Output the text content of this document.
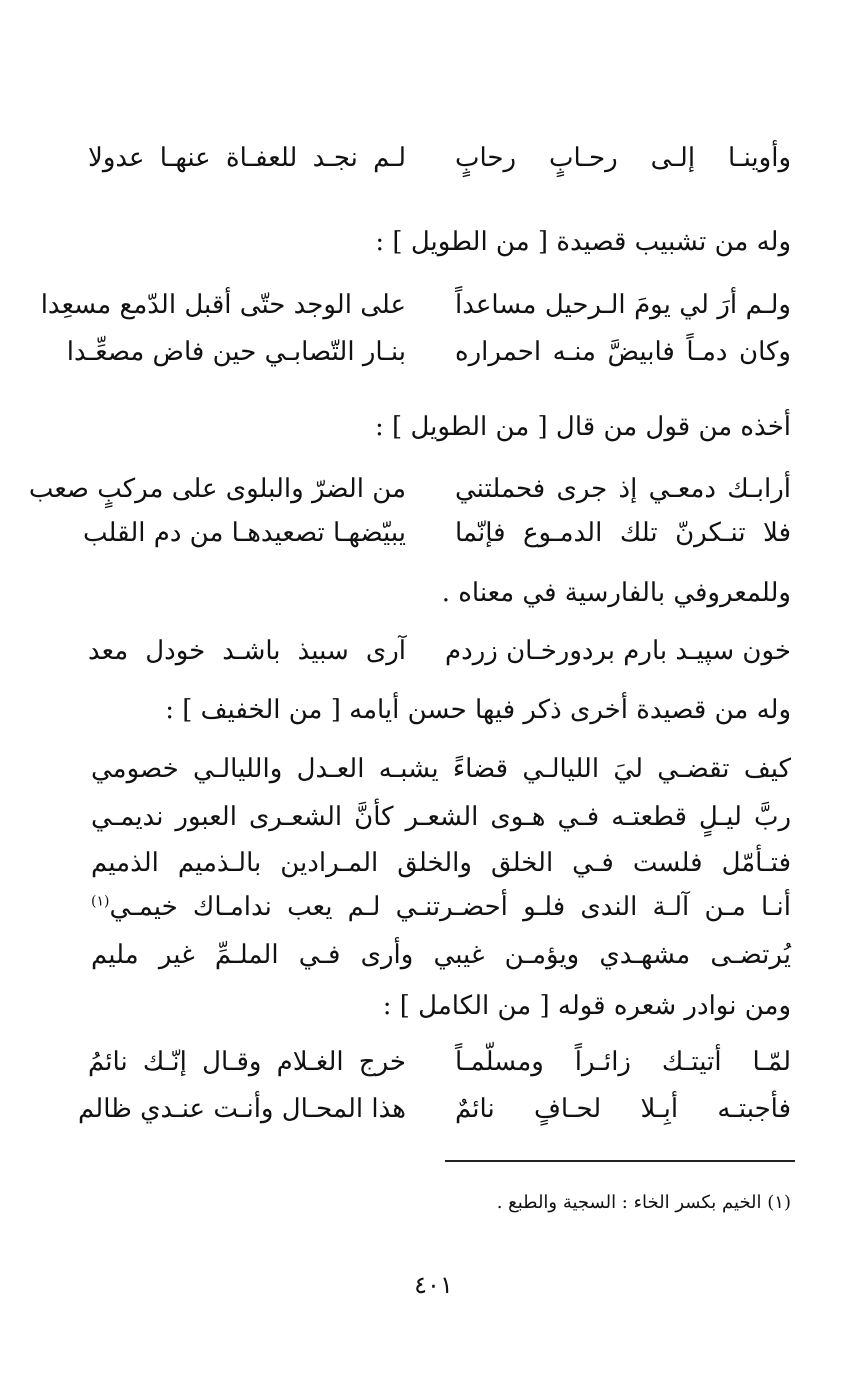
وأوينـا إلـى رحـابٍ رحابٍ
لـم نجـد للعفـاة عنهـا عدولا
وله من تشبيب قصيدة [ من الطويل ] :
ولـم أرَ لي يومَ الـرحيل مساعداً
على الوجد حتّى أقبل الدّمع مسعِدا
وكان دمـاً فابيضَّ منـه احمراره
بنـار التّصابـي حين فاض مصعِّـدا
أخذه من قول من قال [ من الطويل ] :
أرابـك دمعـي إذ جرى فحملتني
من الضرّ والبلوى على مركبٍ صعب
فلا تنـكرنّ تلك الدمـوع فإنّما
يبيّضهـا تصعيدهـا من دم القلب
وللمعروفي بالفارسية في معناه .
خون سپيـد بارم بردورخـان زردم
آرى سبيذ باشـد خودل معد
وله من قصيدة أخرى ذكر فيها حسن أيامه [ من الخفيف ] :
كيف تقضـي ليَ الليالـي قضاءً يشبـه العـدل والليالـي خصومي
ربَّ ليـلٍ قطعتـه فـي هـوى الشعـر كأنَّ الشعـرى العبور نديمـي
فتـأمّل فلست فـي الخلق والخلق المـرادين بالـذميم الذميم
أنـا مـن آلـة الندى فلـو أحضـرتنـي لـم يعب ندامـاك خيمـي$^{(١)}$
يُرتضـى مشهـدي ويؤمـن غيبي وأرى فـي الملـمِّ غير مليم
ومن نوادر شعره قوله [ من الكامل ] :
لمّـا أتيتـك زائـراً ومسلّمـاً
خرج الغـلام وقـال إنّـك نائمُ
فأجبتـه أبِـلا لحـافٍ نائمٌ
هذا المحـال وأنـت عنـدي ظالم
(١) الخيم بكسر الخاء : السجية والطبع .
٤٠١
